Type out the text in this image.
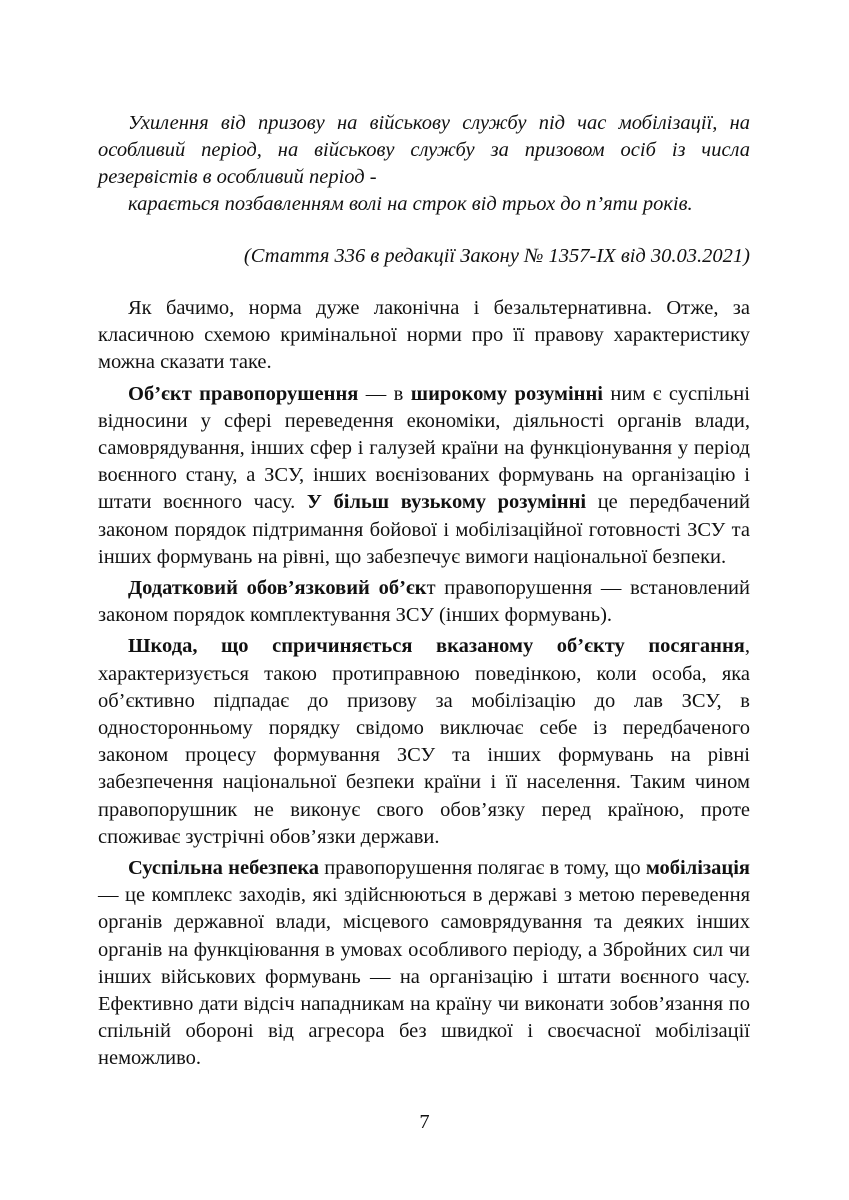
Ухилення від призову на військову службу під час мобілізації, на особливий період, на військову службу за призовом осіб із числа резервістів в особливий період -

карається позбавленням волі на строк від трьох до п’яти років.

(Стаття 336 в редакції Закону № 1357-IX від 30.03.2021)

Як бачимо, норма дуже лаконічна і безальтернативна. Отже, за класичною схемою кримінальної норми про її правову характеристику можна сказати таке.

Об’єкт правопорушення — в широкому розумінні ним є суспільні відносини у сфері переведення економіки, діяльності органів влади, самоврядування, інших сфер і галузей країни на функціонування у період воєнного стану, а ЗСУ, інших воєнізованих формувань на організацію і штати воєнного часу. У більш вузькому розумінні це передбачений законом порядок підтримання бойової і мобілізаційної готовності ЗСУ та інших формувань на рівні, що забезпечує вимоги національної безпеки.

Додатковий обов’язковий об’єкт правопорушення — встановлений законом порядок комплектування ЗСУ (інших формувань).

Шкода, що спричиняється вказаному об’єкту посягання, характеризується такою протиправною поведінкою, коли особа, яка об’єктивно підпадає до призову за мобілізацію до лав ЗСУ, в односторонньому порядку свідомо виключає себе із передбаченого законом процесу формування ЗСУ та інших формувань на рівні забезпечення національної безпеки країни і її населення. Таким чином правопорушник не виконує свого обов’язку перед країною, проте споживає зустрічні обов’язки держави.

Суспільна небезпека правопорушення полягає в тому, що мобілізація — це комплекс заходів, які здійснюються в державі з метою переведення органів державної влади, місцевого самоврядування та деяких інших органів на функціювання в умовах особливого періоду, а Збройних сил чи інших військових формувань — на організацію і штати воєнного часу. Ефективно дати відсіч нападникам на країну чи виконати зобов’язання по спільній обороні від агресора без швидкої і своєчасної мобілізації неможливо.

7
